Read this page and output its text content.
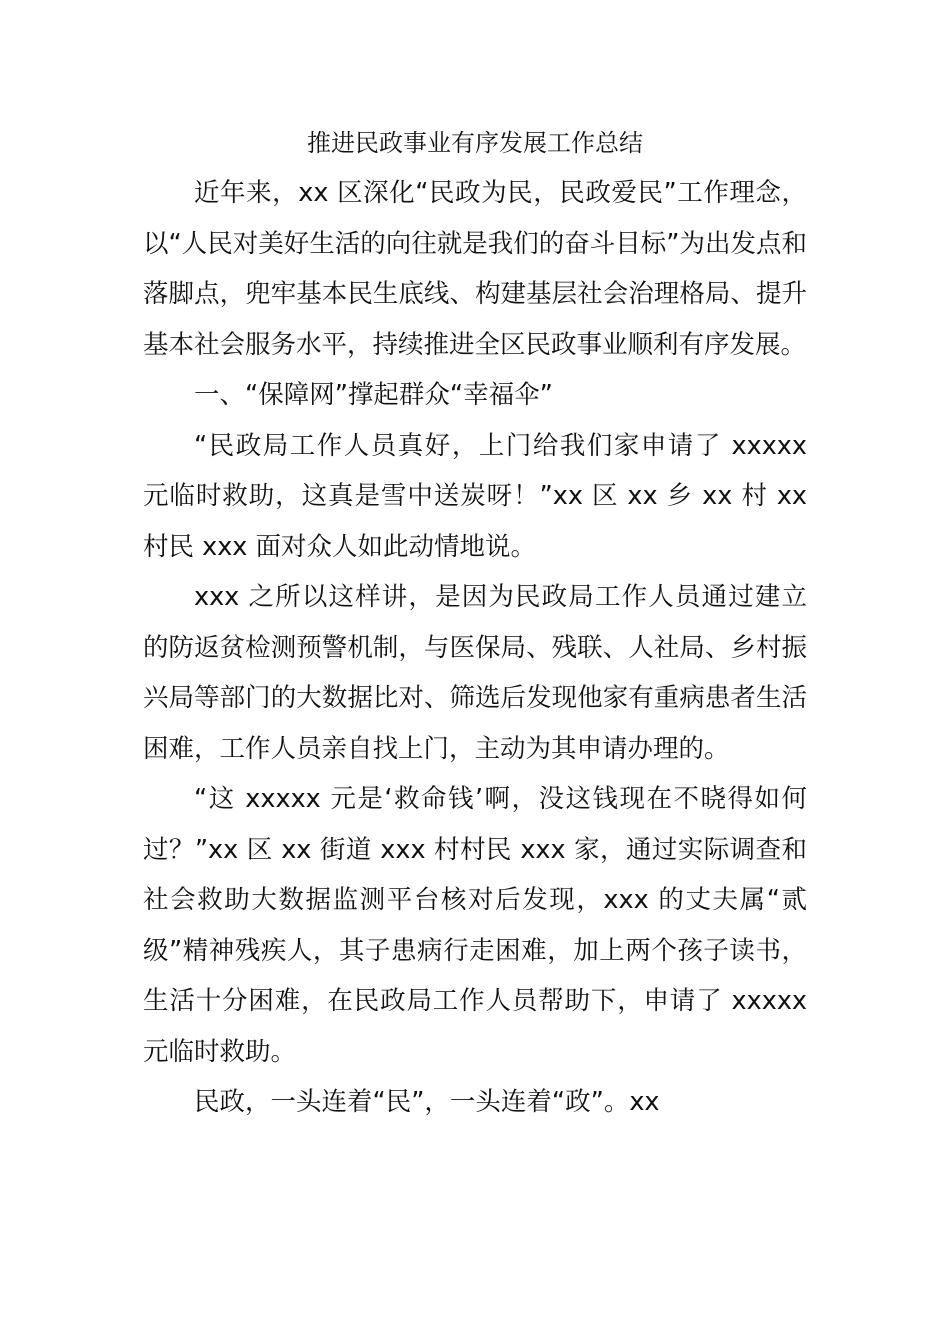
推进民政事业有序发展工作总结

近年来，xx 区深化“民政为民，民政爱民”工作理念，以“人民对美好生活的向往就是我们的奋斗目标”为出发点和落脚点，兜牢基本民生底线、构建基层社会治理格局、提升基本社会服务水平，持续推进全区民政事业顺利有序发展。

一、“保障网”撑起群众“幸福伞”

“民政局工作人员真好，上门给我们家申请了 xxxxx 元临时救助，这真是雪中送炭呀！”xx 区 xx 乡 xx 村 xx 村民 xxx 面对众人如此动情地说。

xxx 之所以这样讲，是因为民政局工作人员通过建立的防返贫检测预警机制，与医保局、残联、人社局、乡村振兴局等部门的大数据比对、筛选后发现他家有重病患者生活困难，工作人员亲自找上门，主动为其申请办理的。

“这 xxxxx 元是‘救命钱’啊，没这钱现在不晓得如何过？”xx 区 xx 街道 xxx 村村民 xxx 家，通过实际调查和社会救助大数据监测平台核对后发现，xxx 的丈夫属“贰级”精神残疾人，其子患病行走困难，加上两个孩子读书，生活十分困难，在民政局工作人员帮助下，申请了 xxxxx 元临时救助。

民政，一头连着“民”，一头连着“政”。xx
